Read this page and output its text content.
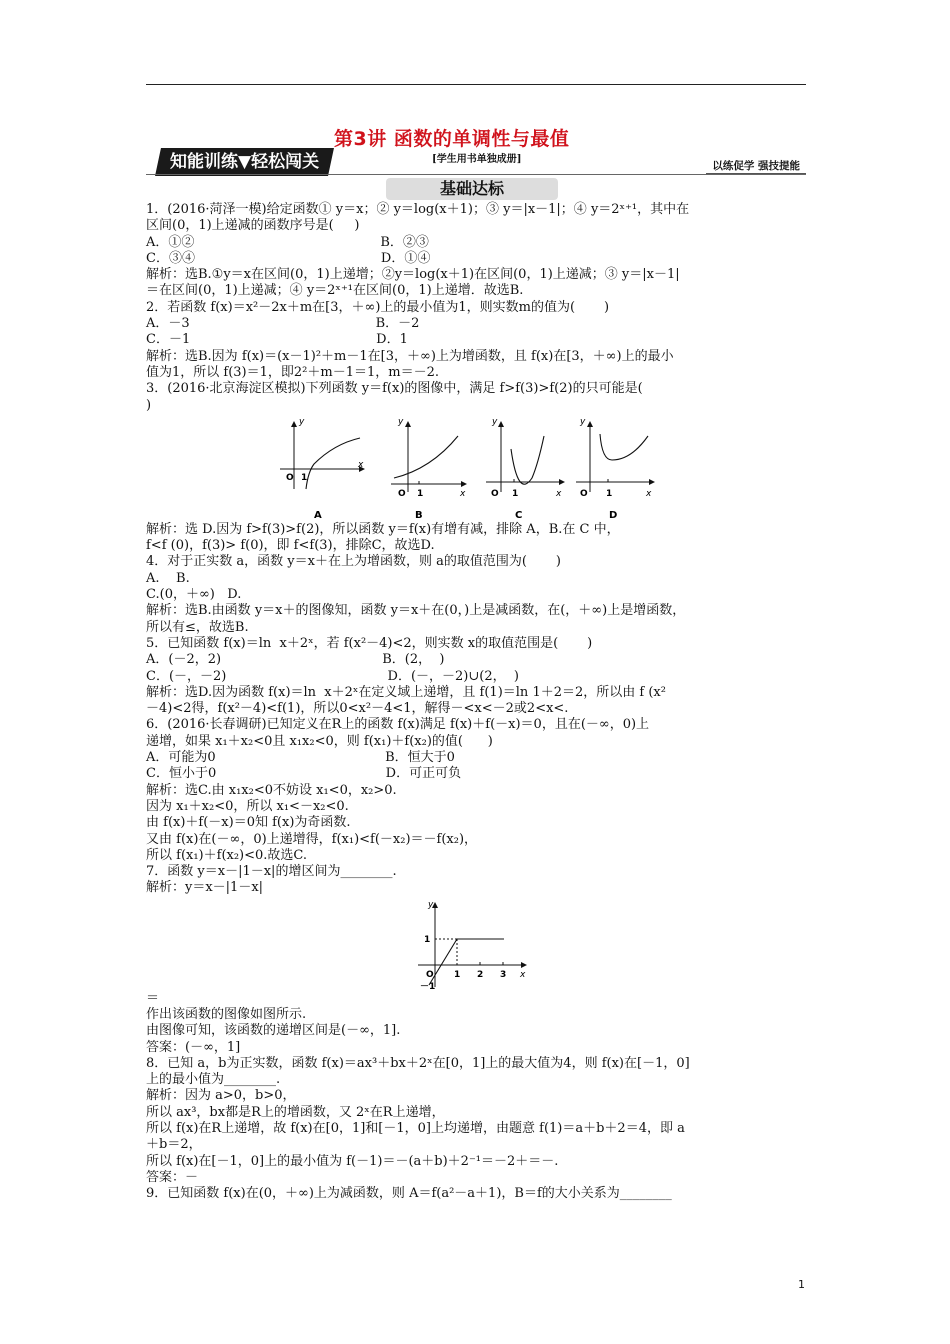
第3讲 函数的单调性与最值
知能训练▼轻松闯关	[学生用书单独成册]
以练促学 强技提能
基础达标
1．(2016·菏泽一模)给定函数① y＝x；② y＝log(x＋1)；③ y＝|x－1|；④ y＝2ˣ⁺¹，其中在
区间(0，1)上递减的函数序号是(     )
A．①②                                             B．②③
C．③④                                             D．①④
解析：选B.①y＝x在区间(0，1)上递增；②y＝log(x＋1)在区间(0，1)上递减；③ y＝|x－1|
＝在区间(0，1)上递减；④ y＝2ˣ⁺¹在区间(0，1)上递增．故选B.
2．若函数 f(x)＝x²－2x＋m在[3，＋∞)上的最小值为1，则实数m的值为(       )
A．－3                                             B．－2
C．－1                                             D．1
解析：选B.因为 f(x)＝(x－1)²＋m－1在[3，＋∞)上为增函数，且 f(x)在[3，＋∞)上的最小
值为1，所以 f(3)＝1，即2²＋m－1＝1，m＝－2.
3．(2016·北京海淀区模拟)下列函数 y＝f(x)的图像中，满足 f>f(3)>f(2)的只可能是(
)
y
x
O 1
A
y
x
O 1
B
y
x
O 1
C
y
x
O 1
D
解析：选 D.因为 f>f(3)>f(2)，所以函数 y＝f(x)有增有减，排除 A，B.在 C 中，
f<f (0)，f(3)> f(0)，即 f<f(3)，排除C，故选D.
4．对于正实数 a，函数 y＝x＋在上为增函数，则 a的取值范围为(       )
A.    B.
C.(0，＋∞)   D.
解析：选B.由函数 y＝x＋的图像知，函数 y＝x＋在(0，)上是减函数，在(，＋∞)上是增函数，
所以有≤，故选B.
5．已知函数 f(x)＝ln  x＋2ˣ，若 f(x²－4)<2，则实数 x的取值范围是(       )
A．(－2，2)                                       B．(2，  )
C．(－，－2)                                       D．(－，－2)∪(2，  )
解析：选D.因为函数 f(x)＝ln  x＋2ˣ在定义域上递增，且 f(1)＝ln 1＋2＝2，所以由 f (x²
－4)<2得，f(x²－4)<f(1)，所以0<x²－4<1，解得－<x<－2或2<x<.
6．(2016·长春调研)已知定义在R上的函数 f(x)满足 f(x)＋f(－x)＝0，且在(－∞，0)上
递增，如果 x₁＋x₂<0且 x₁x₂<0，则 f(x₁)＋f(x₂)的值(      )
A．可能为0                                         B．恒大于0
C．恒小于0                                         D．可正可负
解析：选C.由 x₁x₂<0不妨设 x₁<0，x₂>0.
因为 x₁＋x₂<0，所以 x₁<－x₂<0.
由 f(x)＋f(－x)＝0知 f(x)为奇函数.
又由 f(x)在(－∞，0)上递增得，f(x₁)<f(－x₂)＝－f(x₂)，
所以 f(x₁)＋f(x₂)<0.故选C.
7．函数 y＝x－|1－x|的增区间为________.
解析：y＝x－|1－x|
y
x
O 1 2 3
1
－1
＝
作出该函数的图像如图所示.
由图像可知，该函数的递增区间是(－∞，1].
答案：(－∞，1]
8．已知 a，b为正实数，函数 f(x)＝ax³＋bx＋2ˣ在[0，1]上的最大值为4，则 f(x)在[－1，0]
上的最小值为________.
解析：因为 a>0，b>0，
所以 ax³，bx都是R上的增函数，又 2ˣ在R上递增，
所以 f(x)在R上递增，故 f(x)在[0，1]和[－1，0]上均递增，由题意 f(1)＝a＋b＋2＝4，即 a
＋b＝2，
所以 f(x)在[－1，0]上的最小值为 f(－1)＝－(a＋b)＋2⁻¹＝－2＋＝－.
答案：－
9．已知函数 f(x)在(0，＋∞)上为减函数，则 A＝f(a²－a＋1)，B＝f的大小关系为________
1
